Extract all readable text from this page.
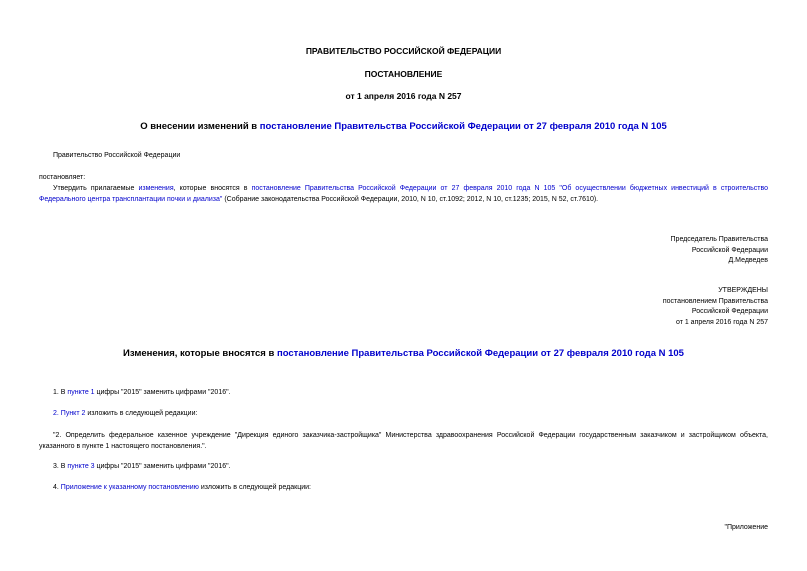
ПРАВИТЕЛЬСТВО РОССИЙСКОЙ ФЕДЕРАЦИИ
ПОСТАНОВЛЕНИЕ
от 1 апреля 2016 года N 257
О внесении изменений в постановление Правительства Российской Федерации от 27 февраля 2010 года N 105
Правительство Российской Федерации
постановляет:
Утвердить прилагаемые изменения, которые вносятся в постановление Правительства Российской Федерации от 27 февраля 2010 года N 105 "Об осуществлении бюджетных инвестиций в строительство Федерального центра трансплантации почки и диализа" (Собрание законодательства Российской Федерации, 2010, N 10, ст.1092; 2012, N 10, ст.1235; 2015, N 52, ст.7610).
Председатель Правительства
Российской Федерации
Д.Медведев
УТВЕРЖДЕНЫ
постановлением Правительства
Российской Федерации
от 1 апреля 2016 года N 257
Изменения, которые вносятся в постановление Правительства Российской Федерации от 27 февраля 2010 года N 105
1. В пункте 1 цифры "2015" заменить цифрами "2016".
2. Пункт 2 изложить в следующей редакции:
"2. Определить федеральное казенное учреждение "Дирекция единого заказчика-застройщика" Министерства здравоохранения Российской Федерации государственным заказчиком и застройщиком объекта, указанного в пункте 1 настоящего постановления.".
3. В пункте 3 цифры "2015" заменить цифрами "2016".
4. Приложение к указанному постановлению изложить в следующей редакции:
"Приложение
